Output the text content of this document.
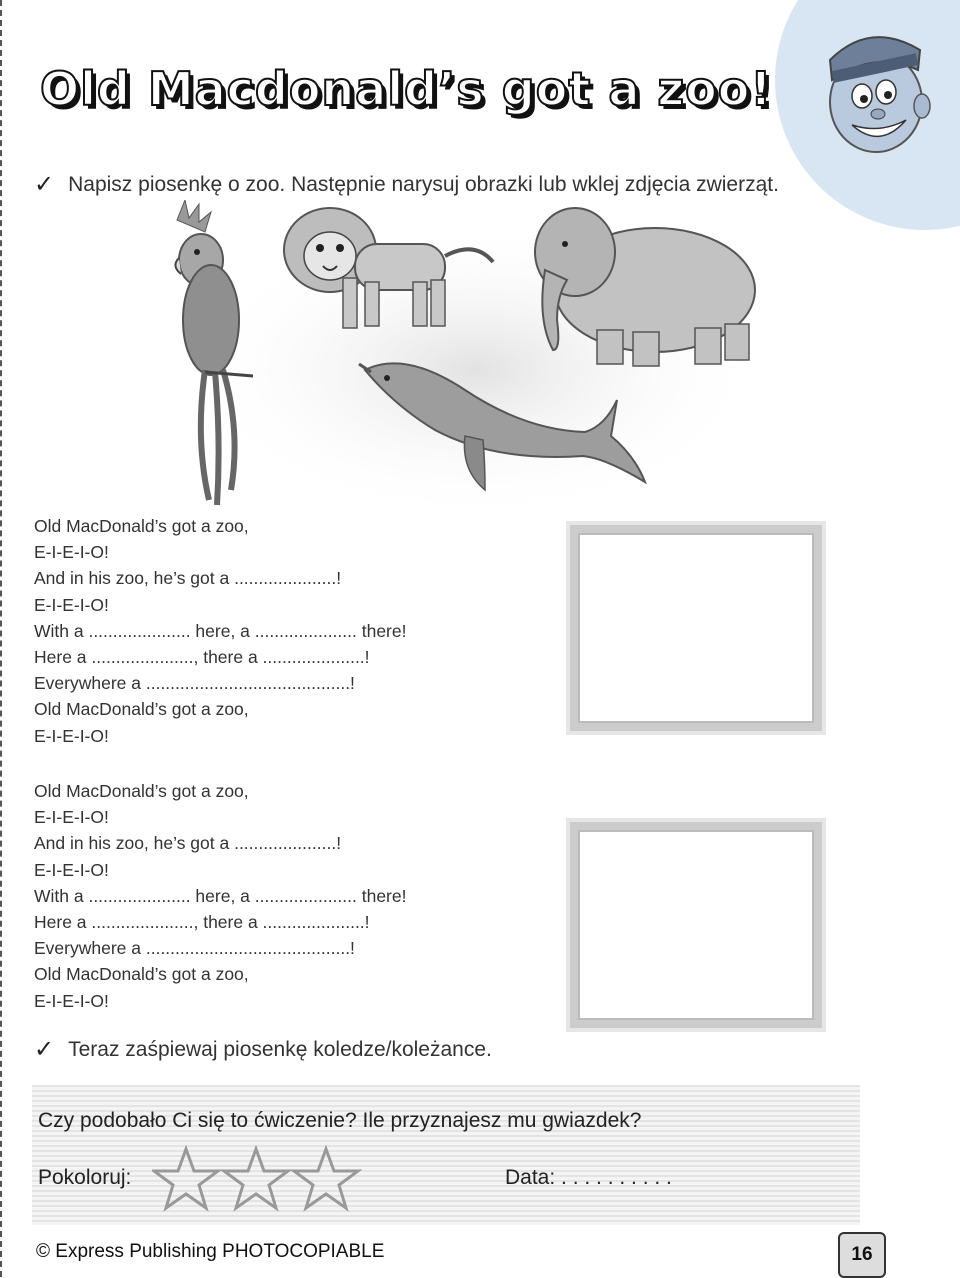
Old Macdonald’s got a zoo!
✓ Napisz piosenkę o zoo. Następnie narysuj obrazki lub wklej zdjęcia zwierząt.
Old MacDonald’s got a zoo,
E-I-E-I-O!
And in his zoo, he’s got a .....................!
E-I-E-I-O!
With a ..................... here, a ..................... there!
Here a ....................., there a .....................!
Everywhere a ..........................................!
Old MacDonald’s got a zoo,
E-I-E-I-O!
Old MacDonald’s got a zoo,
E-I-E-I-O!
And in his zoo, he’s got a .....................!
E-I-E-I-O!
With a ..................... here, a ..................... there!
Here a ....................., there a .....................!
Everywhere a ..........................................!
Old MacDonald’s got a zoo,
E-I-E-I-O!
✓ Teraz zaśpiewaj piosenkę koledze/koleżance.
Czy podobało Ci się to ćwiczenie? Ile przyznajesz mu gwiazdek?
Pokoloruj:	Data: . . . . . . . . . .
© Express Publishing PHOTOCOPIABLE	16
